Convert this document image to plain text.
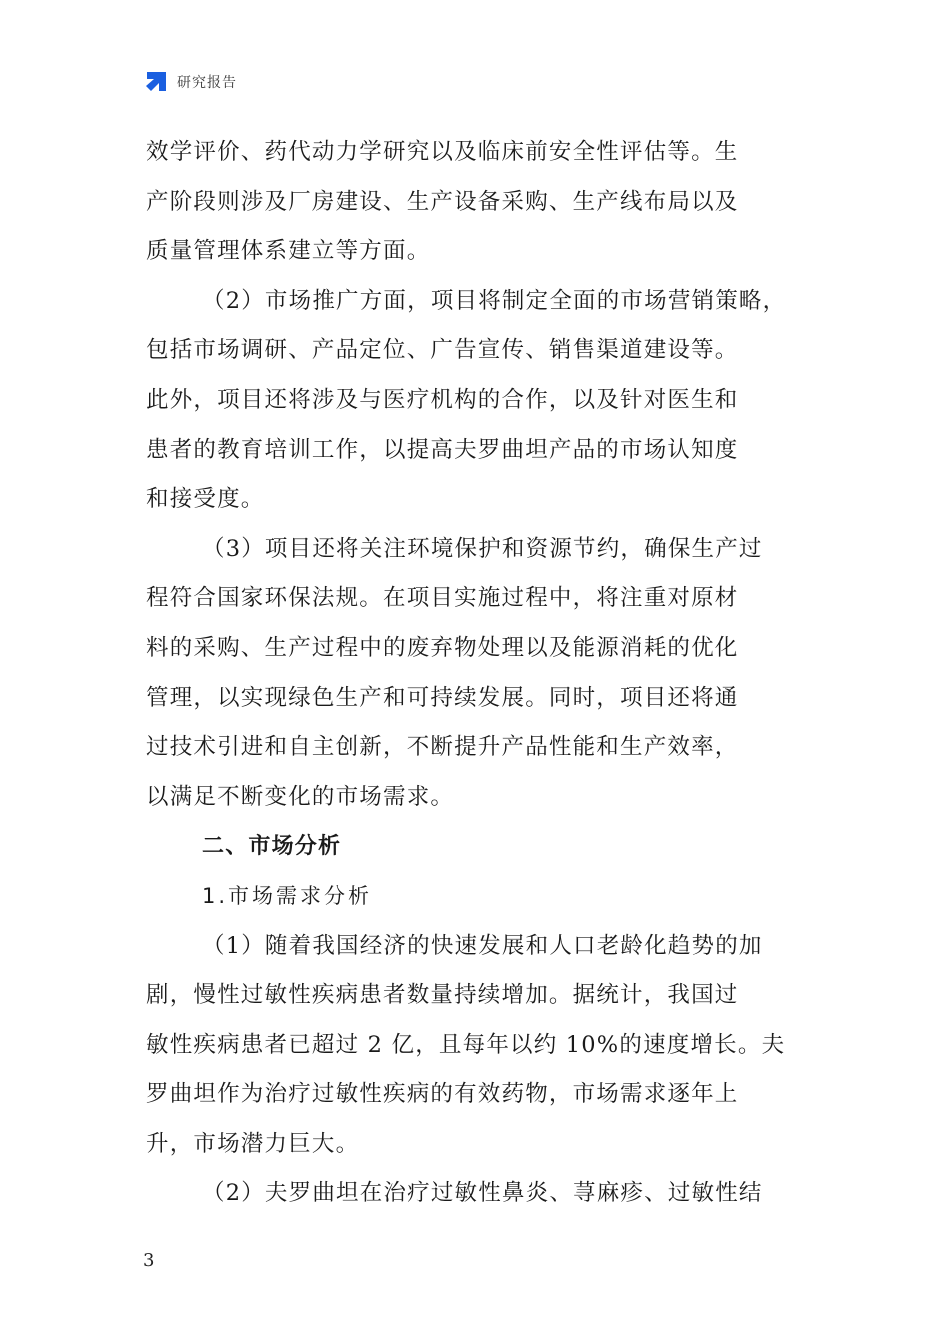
研究报告
效学评价、药代动力学研究以及临床前安全性评估等。生
产阶段则涉及厂房建设、生产设备采购、生产线布局以及
质量管理体系建立等方面。
（2）市场推广方面，项目将制定全面的市场营销策略，
包括市场调研、产品定位、广告宣传、销售渠道建设等。
此外，项目还将涉及与医疗机构的合作，以及针对医生和
患者的教育培训工作，以提高夫罗曲坦产品的市场认知度
和接受度。
（3）项目还将关注环境保护和资源节约，确保生产过
程符合国家环保法规。在项目实施过程中，将注重对原材
料的采购、生产过程中的废弃物处理以及能源消耗的优化
管理，以实现绿色生产和可持续发展。同时，项目还将通
过技术引进和自主创新，不断提升产品性能和生产效率，
以满足不断变化的市场需求。
二、市场分析
1.市场需求分析
（1）随着我国经济的快速发展和人口老龄化趋势的加
剧，慢性过敏性疾病患者数量持续增加。据统计，我国过
敏性疾病患者已超过 2 亿，且每年以约 10%的速度增长。夫
罗曲坦作为治疗过敏性疾病的有效药物，市场需求逐年上
升，市场潜力巨大。
（2）夫罗曲坦在治疗过敏性鼻炎、荨麻疹、过敏性结
3
